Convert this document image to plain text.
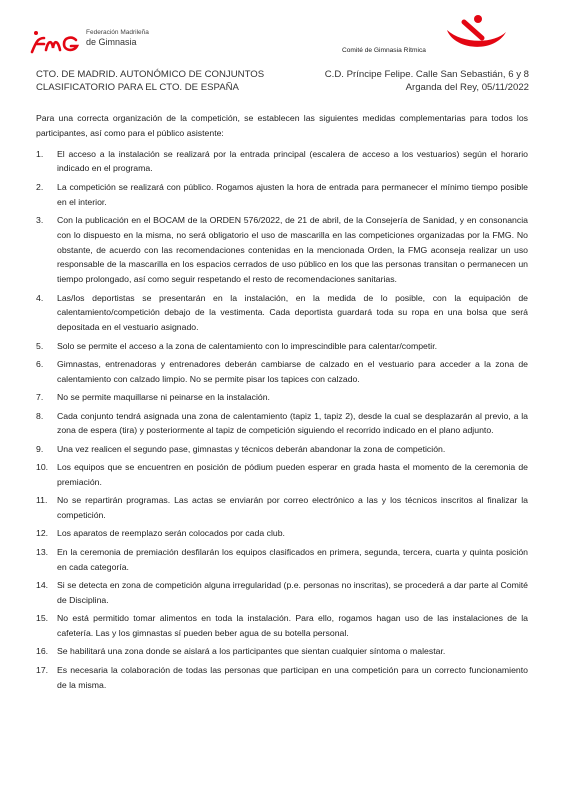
Federación Madrileña
de Gimnasia
Comité de Gimnasia Rítmica
CTO. DE MADRID. AUTONÓMICO DE CONJUNTOS
CLASIFICATORIO PARA EL CTO. DE ESPAÑA
C.D. Príncipe Felipe. Calle San Sebastián, 6 y 8
Arganda del Rey, 05/11/2022

Para una correcta organización de la competición, se establecen las siguientes medidas complementarias para todos los participantes, así como para el público asistente:

1. El acceso a la instalación se realizará por la entrada principal (escalera de acceso a los vestuarios) según el horario indicado en el programa.
2. La competición se realizará con público. Rogamos ajusten la hora de entrada para permanecer el mínimo tiempo posible en el interior.
3. Con la publicación en el BOCAM de la ORDEN 576/2022, de 21 de abril, de la Consejería de Sanidad, y en consonancia con lo dispuesto en la misma, no será obligatorio el uso de mascarilla en las competiciones organizadas por la FMG. No obstante, de acuerdo con las recomendaciones contenidas en la mencionada Orden, la FMG aconseja realizar un uso responsable de la mascarilla en los espacios cerrados de uso público en los que las personas transitan o permanecen un tiempo prolongado, así como seguir respetando el resto de recomendaciones sanitarias.
4. Las/los deportistas se presentarán en la instalación, en la medida de lo posible, con la equipación de calentamiento/competición debajo de la vestimenta. Cada deportista guardará toda su ropa en una bolsa que será depositada en el vestuario asignado.
5. Solo se permite el acceso a la zona de calentamiento con lo imprescindible para calentar/competir.
6. Gimnastas, entrenadoras y entrenadores deberán cambiarse de calzado en el vestuario para acceder a la zona de calentamiento con calzado limpio. No se permite pisar los tapices con calzado.
7. No se permite maquillarse ni peinarse en la instalación.
8. Cada conjunto tendrá asignada una zona de calentamiento (tapiz 1, tapiz 2), desde la cual se desplazarán al previo, a la zona de espera (tira) y posteriormente al tapiz de competición siguiendo el recorrido indicado en el plano adjunto.
9. Una vez realicen el segundo pase, gimnastas y técnicos deberán abandonar la zona de competición.
10. Los equipos que se encuentren en posición de pódium pueden esperar en grada hasta el momento de la ceremonia de premiación.
11. No se repartirán programas. Las actas se enviarán por correo electrónico a las y los técnicos inscritos al finalizar la competición.
12. Los aparatos de reemplazo serán colocados por cada club.
13. En la ceremonia de premiación desfilarán los equipos clasificados en primera, segunda, tercera, cuarta y quinta posición en cada categoría.
14. Si se detecta en zona de competición alguna irregularidad (p.e. personas no inscritas), se procederá a dar parte al Comité de Disciplina.
15. No está permitido tomar alimentos en toda la instalación. Para ello, rogamos hagan uso de las instalaciones de la cafetería. Las y los gimnastas sí pueden beber agua de su botella personal.
16. Se habilitará una zona donde se aislará a los participantes que sientan cualquier síntoma o malestar.
17. Es necesaria la colaboración de todas las personas que participan en una competición para un correcto funcionamiento de la misma.
